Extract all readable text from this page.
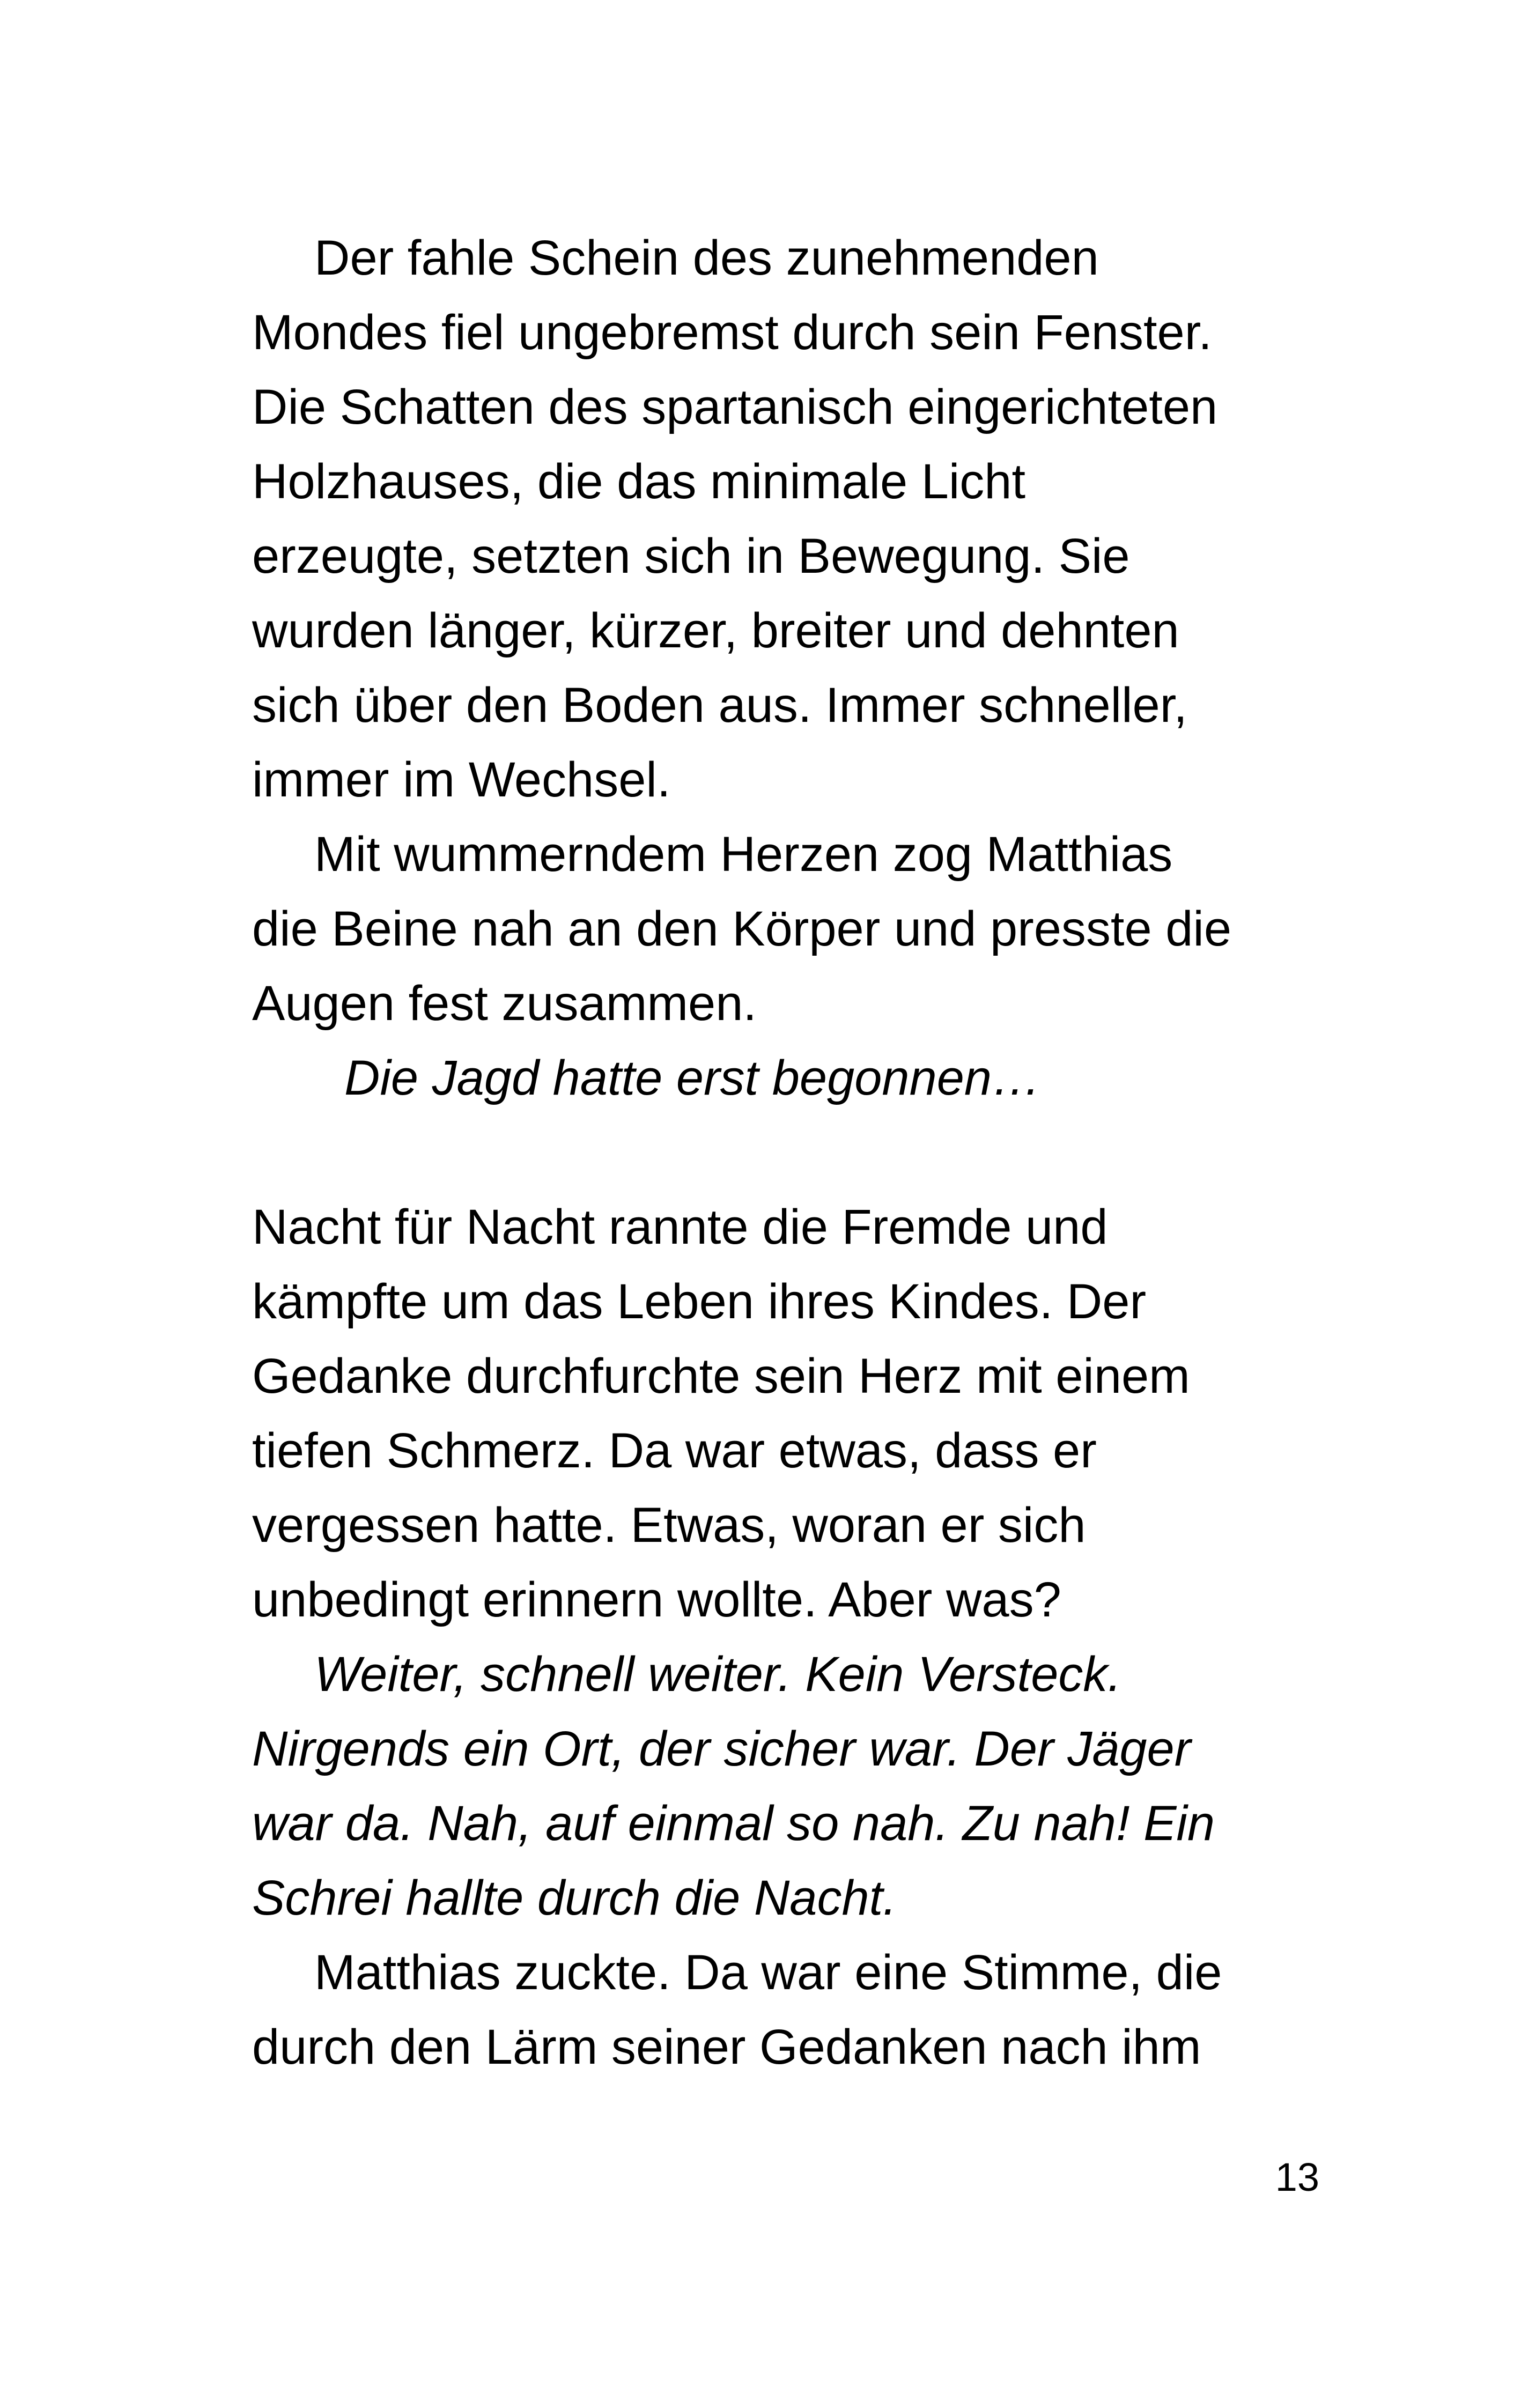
Der fahle Schein des zunehmenden
Mondes fiel ungebremst durch sein Fenster.
Die Schatten des spartanisch eingerichteten
Holzhauses, die das minimale Licht
erzeugte, setzten sich in Bewegung. Sie
wurden länger, kürzer, breiter und dehnten
sich über den Boden aus. Immer schneller,
immer im Wechsel.
Mit wummerndem Herzen zog Matthias
die Beine nah an den Körper und presste die
Augen fest zusammen.
Die Jagd hatte erst begonnen…
Nacht für Nacht rannte die Fremde und
kämpfte um das Leben ihres Kindes. Der
Gedanke durchfurchte sein Herz mit einem
tiefen Schmerz. Da war etwas, dass er
vergessen hatte. Etwas, woran er sich
unbedingt erinnern wollte. Aber was?
Weiter, schnell weiter. Kein Versteck.
Nirgends ein Ort, der sicher war. Der Jäger
war da. Nah, auf einmal so nah. Zu nah! Ein
Schrei hallte durch die Nacht.
Matthias zuckte. Da war eine Stimme, die
durch den Lärm seiner Gedanken nach ihm
13
